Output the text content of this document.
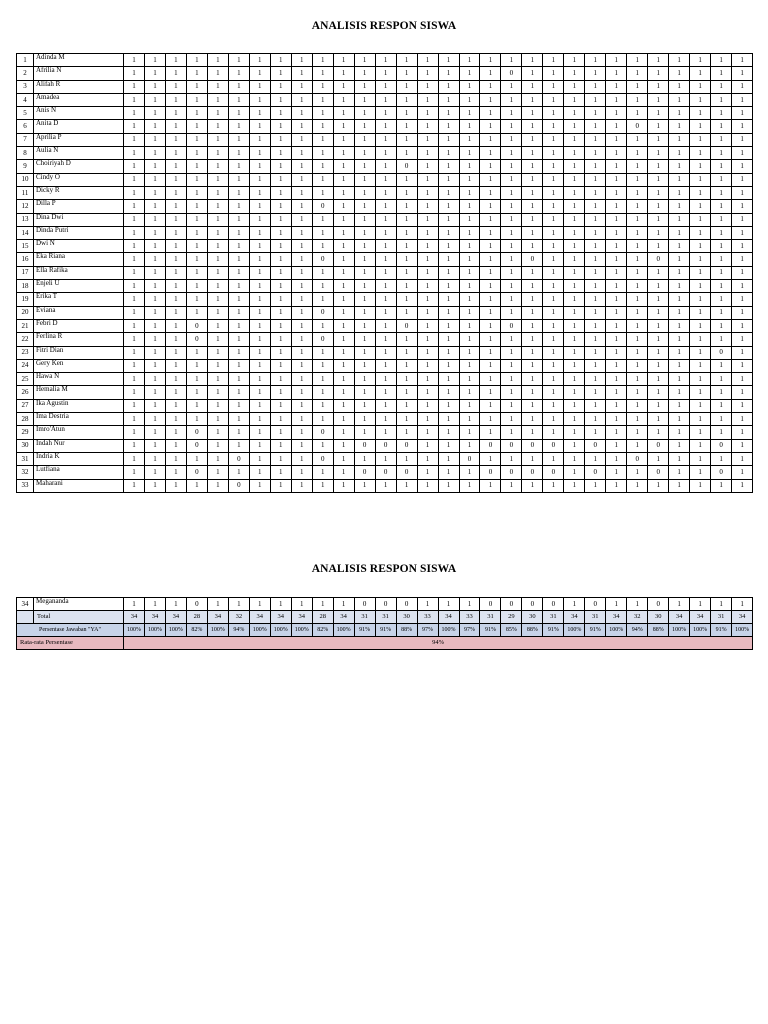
ANALISIS RESPON SISWA
1	Adinda M	1	1	1	1	1	1	1	1	1	1	1	1	1	1	1	1	1	1	1	1	1	1	1	1	1	1	1	1	1	1
2	Afrilia N	1	1	1	1	1	1	1	1	1	1	1	1	1	1	1	1	1	1	0	1	1	1	1	1	1	1	1	1	1	1
3	Alifah R	1	1	1	1	1	1	1	1	1	1	1	1	1	1	1	1	1	1	1	1	1	1	1	1	1	1	1	1	1	1
4	Amadea	1	1	1	1	1	1	1	1	1	1	1	1	1	1	1	1	1	1	1	1	1	1	1	1	1	1	1	1	1	1
5	Anis N	1	1	1	1	1	1	1	1	1	1	1	1	1	1	1	1	1	1	1	1	1	1	1	1	1	1	1	1	1	1
6	Anita D	1	1	1	1	1	1	1	1	1	1	1	1	1	1	1	1	1	1	1	1	1	1	1	1	0	1	1	1	1	1
7	Aprilia P	1	1	1	1	1	1	1	1	1	1	1	1	1	1	1	1	1	1	1	1	1	1	1	1	1	1	1	1	1	1
8	Aulia N	1	1	1	1	1	1	1	1	1	1	1	1	1	1	1	1	1	1	1	1	1	1	1	1	1	1	1	1	1	1
9	Choiriyah D	1	1	1	1	1	1	1	1	1	1	1	1	1	0	1	1	1	1	1	1	1	1	1	1	1	1	1	1	1	1
10	Cindy O	1	1	1	1	1	1	1	1	1	1	1	1	1	1	1	1	1	1	1	1	1	1	1	1	1	1	1	1	1	1
11	Dicky R	1	1	1	1	1	1	1	1	1	1	1	1	1	1	1	1	1	1	1	1	1	1	1	1	1	1	1	1	1	1
12	Dilla P	1	1	1	1	1	1	1	1	1	0	1	1	1	1	1	1	1	1	1	1	1	1	1	1	1	1	1	1	1	1
13	Dina Dwi	1	1	1	1	1	1	1	1	1	1	1	1	1	1	1	1	1	1	1	1	1	1	1	1	1	1	1	1	1	1
14	Dinda Putri	1	1	1	1	1	1	1	1	1	1	1	1	1	1	1	1	1	1	1	1	1	1	1	1	1	1	1	1	1	1
15	Dwi N	1	1	1	1	1	1	1	1	1	1	1	1	1	1	1	1	1	1	1	1	1	1	1	1	1	1	1	1	1	1
16	Eka Riana	1	1	1	1	1	1	1	1	1	0	1	1	1	1	1	1	1	1	1	0	1	1	1	1	1	0	1	1	1	1
17	Ella Rafika	1	1	1	1	1	1	1	1	1	1	1	1	1	1	1	1	1	1	1	1	1	1	1	1	1	1	1	1	1	1
18	Enjeli U	1	1	1	1	1	1	1	1	1	1	1	1	1	1	1	1	1	1	1	1	1	1	1	1	1	1	1	1	1	1
19	Erika T	1	1	1	1	1	1	1	1	1	1	1	1	1	1	1	1	1	1	1	1	1	1	1	1	1	1	1	1	1	1
20	Eviana	1	1	1	1	1	1	1	1	1	0	1	1	1	1	1	1	1	1	1	1	1	1	1	1	1	1	1	1	1	1
21	Febri D	1	1	1	0	1	1	1	1	1	1	1	1	1	0	1	1	1	1	0	1	1	1	1	1	1	1	1	1	1	1
22	Ferlina R	1	1	1	0	1	1	1	1	1	0	1	1	1	1	1	1	1	1	1	1	1	1	1	1	1	1	1	1	1	1
23	Fitri Dian	1	1	1	1	1	1	1	1	1	1	1	1	1	1	1	1	1	1	1	1	1	1	1	1	1	1	1	1	0	1
24	Gery Ken	1	1	1	1	1	1	1	1	1	1	1	1	1	1	1	1	1	1	1	1	1	1	1	1	1	1	1	1	1	1
25	Hawa N	1	1	1	1	1	1	1	1	1	1	1	1	1	1	1	1	1	1	1	1	1	1	1	1	1	1	1	1	1	1
26	Hemalia M	1	1	1	1	1	1	1	1	1	1	1	1	1	1	1	1	1	1	1	1	1	1	1	1	1	1	1	1	1	1
27	Ika Agustin	1	1	1	1	1	1	1	1	1	1	1	1	1	1	1	1	1	1	1	1	1	1	1	1	1	1	1	1	1	1
28	Ima Destria	1	1	1	1	1	1	1	1	1	1	1	1	1	1	1	1	1	1	1	1	1	1	1	1	1	1	1	1	1	1
29	Imro'Atun	1	1	1	0	1	1	1	1	1	0	1	1	1	1	1	1	1	1	1	1	1	1	1	1	1	1	1	1	1	1
30	Indah Nur	1	1	1	0	1	1	1	1	1	1	1	0	0	0	1	1	1	0	0	0	0	1	0	1	1	0	1	1	0	1
31	Indria K	1	1	1	1	1	0	1	1	1	0	1	1	1	1	1	1	0	1	1	1	1	1	1	1	0	1	1	1	1	1
32	Lutfiana	1	1	1	0	1	1	1	1	1	1	1	0	0	0	1	1	1	0	0	0	0	1	0	1	1	0	1	1	0	1
33	Maharani	1	1	1	1	1	0	1	1	1	1	1	1	1	1	1	1	1	1	1	1	1	1	1	1	1	1	1	1	1	1
ANALISIS RESPON SISWA
34	Megananda	1	1	1	0	1	1	1	1	1	1	1	0	0	0	1	1	1	0	0	0	0	1	0	1	1	0	1	1	1	1
	Total	34	34	34	28	34	32	34	34	34	28	34	31	31	30	33	34	33	31	29	30	31	34	31	34	32	30	34	34	31	34
Persentase Jawaban "YA"		100%	100%	100%	82%	100%	94%	100%	100%	100%	82%	100%	91%	91%	88%	97%	100%	97%	91%	85%	88%	91%	100%	91%	100%	94%	88%	100%	100%	91%	100%
Rata-rata Persentase		94%																													
